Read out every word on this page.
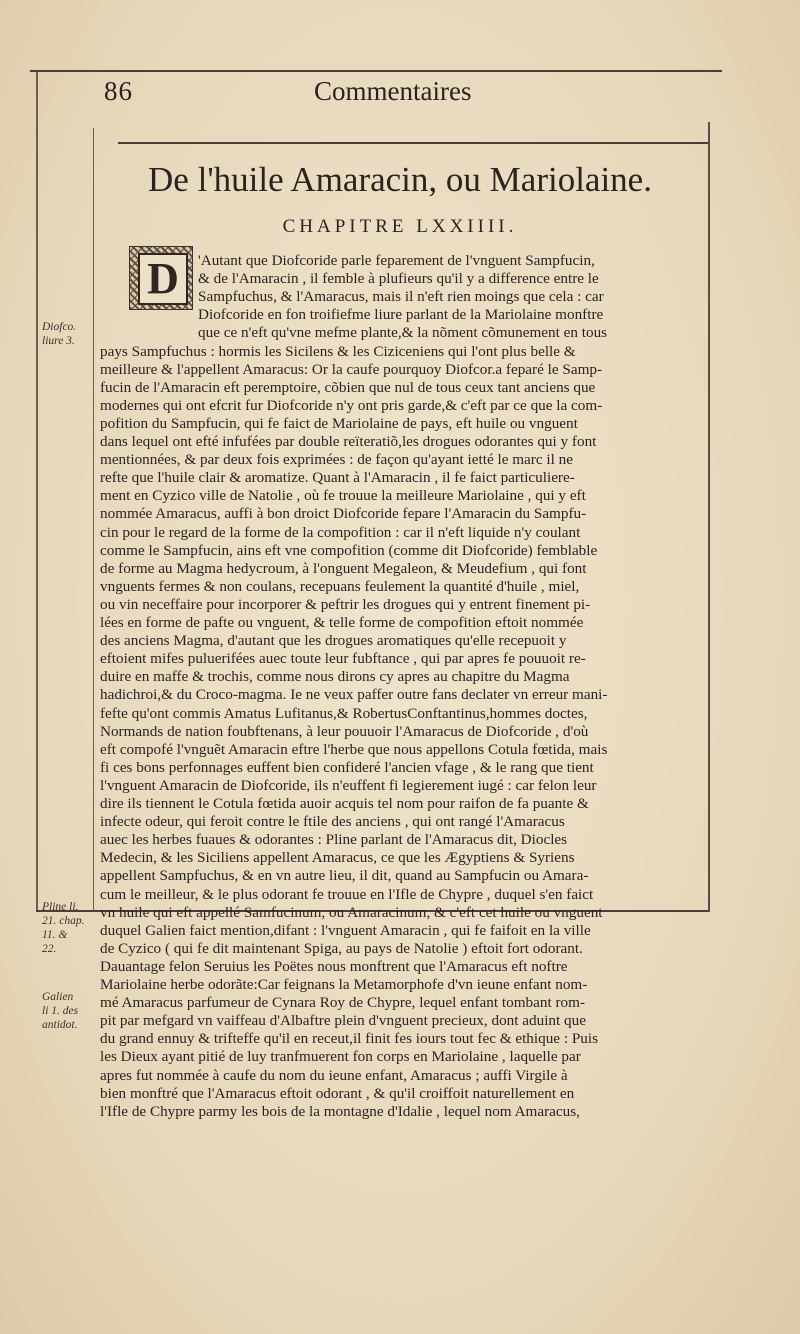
86	Commentaires
De l'huile Amaracin, ou Mariolaine.
CHAPITRE LXXIIII.
D
Diofco.
liure 3.
Pline li.
21. chap.
11. &
22.
Galien
li 1. des
antidot.
'Autant que Diofcoride parle feparement de l'vnguent Sampfucin,
& de l'Amaracin , il femble à plufieurs qu'il y a difference entre le
Sampfuchus, & l'Amaracus, mais il n'eft rien moings que cela : car
Diofcoride en fon troifiefme liure parlant de la Mariolaine monftre
que ce n'eft qu'vne mefme plante,& la nõment cõmunement en tous
pays Sampfuchus : hormis les Sicilens & les Ciziceniens qui l'ont plus belle &
meilleure & l'appellent Amaracus: Or la caufe pourquoy Diofcor.a feparé le Samp-
fucin de l'Amaracin eft peremptoire, cõbien que nul de tous ceux tant anciens que
modernes qui ont efcrit fur Diofcoride n'y ont pris garde,& c'eft par ce que la com-
pofition du Sampfucin, qui fe faict de Mariolaine de pays, eft huile ou vnguent
dans lequel ont efté infufées par double reïteratiõ,les drogues odorantes qui y font
mentionnées, & par deux fois exprimées : de façon qu'ayant ietté le marc il ne
refte que l'huile clair & aromatize. Quant à l'Amaracin , il fe faict particuliere-
ment en Cyzico ville de Natolie , où fe trouue la meilleure Mariolaine , qui y eft
nommée Amaracus, auffi à bon droict Diofcoride fepare l'Amaracin du Sampfu-
cin pour le regard de la forme de la compofition : car il n'eft liquide n'y coulant
comme le Sampfucin, ains eft vne compofition (comme dit Diofcoride) femblable
de forme au Magma hedycroum, à l'onguent Megaleon, & Meudefium , qui font
vnguents fermes & non coulans, recepuans feulement la quantité d'huile , miel,
ou vin neceffaire pour incorporer & peftrir les drogues qui y entrent finement pi-
lées en forme de pafte ou vnguent, & telle forme de compofition eftoit nommée
des anciens Magma, d'autant que les drogues aromatiques qu'elle recepuoit y
eftoient mifes puluerifées auec toute leur fubftance , qui par apres fe pouuoit re-
duire en maffe & trochis, comme nous dirons cy apres au chapitre du Magma
hadichroi,& du Croco-magma. Ie ne veux paffer outre fans declater vn erreur mani-
fefte qu'ont commis Amatus Lufitanus,& RobertusConftantinus,hommes doctes,
Normands de nation foubftenans, à leur pouuoir l'Amaracus de Diofcoride , d'où
eft compofé l'vnguẽt Amaracin eftre l'herbe que nous appellons Cotula fœtida, mais
fi ces bons perfonnages euffent bien confideré l'ancien vfage , & le rang que tient
l'vnguent Amaracin de Diofcoride, ils n'euffent fi legierement iugé : car felon leur
dire ils tiennent le Cotula fœtida auoir acquis tel nom pour raifon de fa puante &
infecte odeur, qui feroit contre le ftile des anciens , qui ont rangé l'Amaracus
auec les herbes fuaues & odorantes : Pline parlant de l'Amaracus dit, Diocles
Medecin, & les Siciliens appellent Amaracus, ce que les Ægyptiens & Syriens
appellent Sampfuchus, & en vn autre lieu, il dit, quand au Sampfucin ou Amara-
cum le meilleur, & le plus odorant fe trouue en l'Ifle de Chypre , duquel s'en faict
vn huile qui eft appellé Samfucinum, ou Amaracinum, & c'eft cet huile ou vnguent
duquel Galien faict mention,difant : l'vnguent Amaracin , qui fe faifoit en la ville
de Cyzico ( qui fe dit maintenant Spiga, au pays de Natolie ) eftoit fort odorant.
Dauantage felon Seruius les Poëtes nous monftrent que l'Amaracus eft noftre
Mariolaine herbe odorãte:Car feignans la Metamorphofe d'vn ieune enfant nom-
mé Amaracus parfumeur de Cynara Roy de Chypre, lequel enfant tombant rom-
pit par mefgard vn vaiffeau d'Albaftre plein d'vnguent precieux, dont aduint que
du grand ennuy & trifteffe qu'il en receut,il finit fes iours tout fec & ethique : Puis
les Dieux ayant pitié de luy tranfmuerent fon corps en Mariolaine , laquelle par
apres fut nommée à caufe du nom du ieune enfant, Amaracus ; auffi Virgile à
bien monftré que l'Amaracus eftoit odorant , & qu'il croiffoit naturellement en
l'Ifle de Chypre parmy les bois de la montagne d'Idalie , lequel nom Amaracus,
